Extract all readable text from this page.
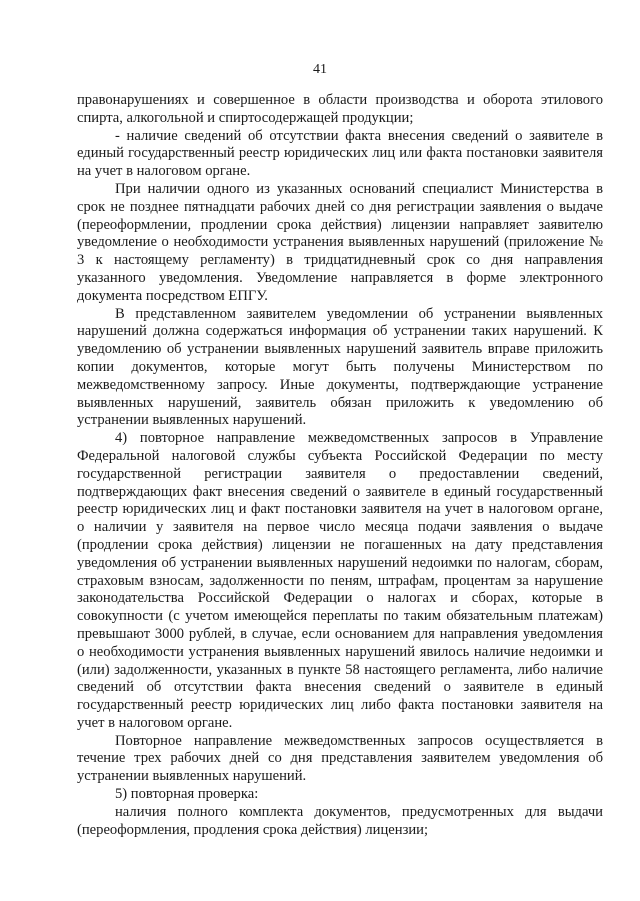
41

правонарушениях и совершенное в области производства и оборота этилового спирта, алкогольной и спиртосодержащей продукции;

- наличие сведений об отсутствии факта внесения сведений о заявителе в единый государственный реестр юридических лиц или факта постановки заявителя на учет в налоговом органе.

При наличии одного из указанных оснований специалист Министерства в срок не позднее пятнадцати рабочих дней со дня регистрации заявления о выдаче (переоформлении, продлении срока действия) лицензии направляет заявителю уведомление о необходимости устранения выявленных нарушений (приложение № 3 к настоящему регламенту) в тридцатидневный срок со дня направления указанного уведомления. Уведомление направляется в форме электронного документа посредством ЕПГУ.

В представленном заявителем уведомлении об устранении выявленных нарушений должна содержаться информация об устранении таких нарушений. К уведомлению об устранении выявленных нарушений заявитель вправе приложить копии документов, которые могут быть получены Министерством по межведомственному запросу. Иные документы, подтверждающие устранение выявленных нарушений, заявитель обязан приложить к уведомлению об устранении выявленных нарушений.

4) повторное направление межведомственных запросов в Управление Федеральной налоговой службы субъекта Российской Федерации по месту государственной регистрации заявителя о предоставлении сведений, подтверждающих факт внесения сведений о заявителе в единый государственный реестр юридических лиц и факт постановки заявителя на учет в налоговом органе, о наличии у заявителя на первое число месяца подачи заявления о выдаче (продлении срока действия) лицензии не погашенных на дату представления уведомления об устранении выявленных нарушений недоимки по налогам, сборам, страховым взносам, задолженности по пеням, штрафам, процентам за нарушение законодательства Российской Федерации о налогах и сборах, которые в совокупности (с учетом имеющейся переплаты по таким обязательным платежам) превышают 3000 рублей, в случае, если основанием для направления уведомления о необходимости устранения выявленных нарушений явилось наличие недоимки и (или) задолженности, указанных в пункте 58 настоящего регламента, либо наличие сведений об отсутствии факта внесения сведений о заявителе в единый государственный реестр юридических лиц либо факта постановки заявителя на учет в налоговом органе.

Повторное направление межведомственных запросов осуществляется в течение трех рабочих дней со дня представления заявителем уведомления об устранении выявленных нарушений.

5) повторная проверка:

наличия полного комплекта документов, предусмотренных для выдачи (переоформления, продления срока действия) лицензии;
